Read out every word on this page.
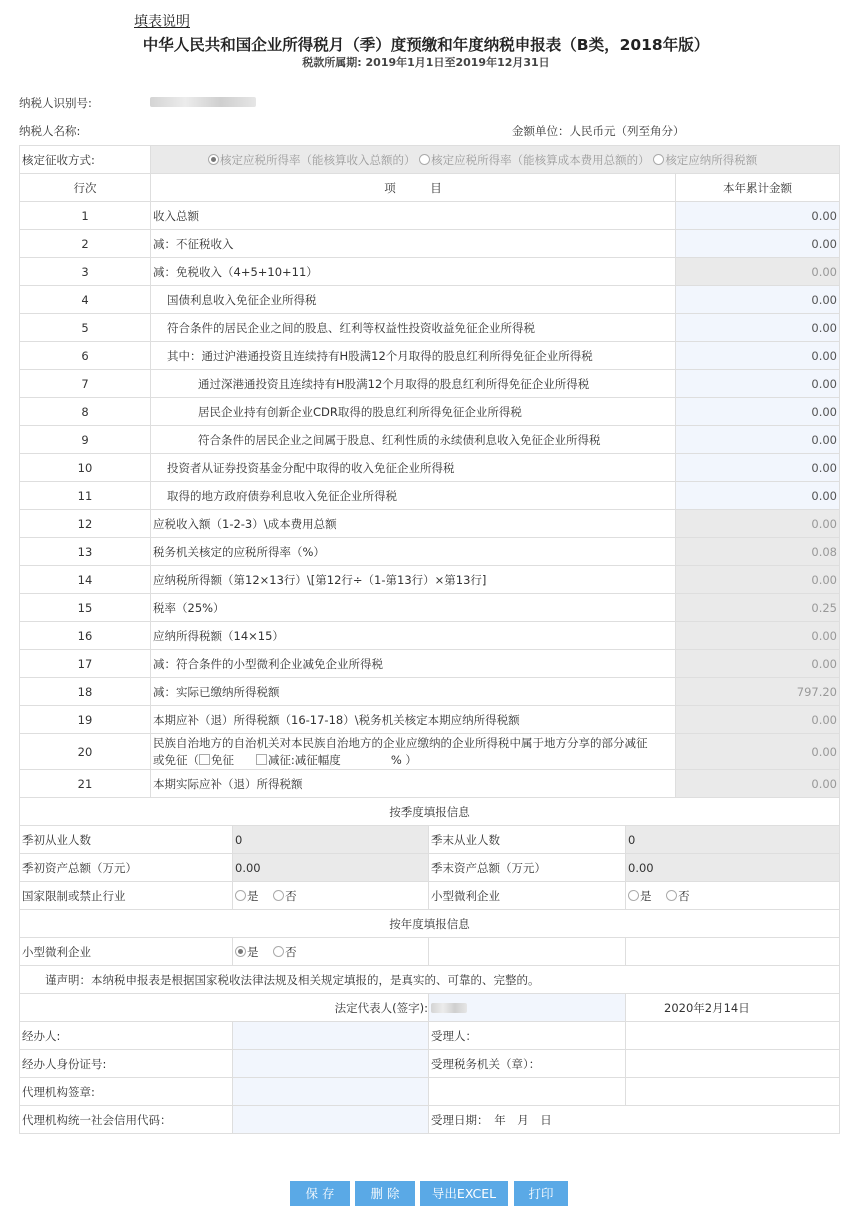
填表说明
中华人民共和国企业所得税月（季）度预缴和年度纳税申报表（B类，2018年版）
税款所属期: 2019年1月1日至2019年12月31日
纳税人识别号:
纳税人名称:	金额单位：人民币元（列至角分）
核定征收方式:	核定应税所得率（能核算收入总额的） 核定应税所得率（能核算成本费用总额的） 核定应纳所得税额	
行次	项　　　目	本年累计金额
1	收入总额	0.00
2	减：不征税收入	0.00
3	减：免税收入（4+5+10+11）	0.00
4	国债利息收入免征企业所得税	0.00
5	符合条件的居民企业之间的股息、红利等权益性投资收益免征企业所得税	0.00
6	其中：通过沪港通投资且连续持有H股满12个月取得的股息红利所得免征企业所得税	0.00
7	通过深港通投资且连续持有H股满12个月取得的股息红利所得免征企业所得税	0.00
8	居民企业持有创新企业CDR取得的股息红利所得免征企业所得税	0.00
9	符合条件的居民企业之间属于股息、红利性质的永续债利息收入免征企业所得税	0.00
10	投资者从证券投资基金分配中取得的收入免征企业所得税	0.00
11	取得的地方政府债券利息收入免征企业所得税	0.00
12	应税收入额（1-2-3）\成本费用总额	0.00
13	税务机关核定的应税所得率（%）	0.08
14	应纳税所得额（第12×13行）\[第12行÷（1-第13行）×第13行]	0.00
15	税率（25%）	0.25
16	应纳所得税额（14×15）	0.00
17	减：符合条件的小型微利企业减免企业所得税	0.00
18	减：实际已缴纳所得税额	797.20
19	本期应补（退）所得税额（16-17-18）\税务机关核定本期应纳所得税额	0.00
20	民族自治地方的自治机关对本民族自治地方的企业应缴纳的企业所得税中属于地方分享的部分减征
或免征（ 免征 减征:减征幅度 % ）	0.00
21	本期实际应补（退）所得税额	0.00
按季度填报信息			
季初从业人数	0	季末从业人数	0
季初资产总额（万元）	0.00	季末资产总额（万元）	0.00
国家限制或禁止行业	是 否	小型微利企业	是 否
按年度填报信息			
小型微利企业	是 否		
谨声明：本纳税申报表是根据国家税收法律法规及相关规定填报的，是真实的、可靠的、完整的。			
法定代表人(签字):			2020年2月14日
经办人:		受理人：	
经办人身份证号:		受理税务机关（章）：	
代理机构签章:			
代理机构统一社会信用代码：		受理日期：　年　月　日	
保 存	删 除	导出EXCEL	打印
